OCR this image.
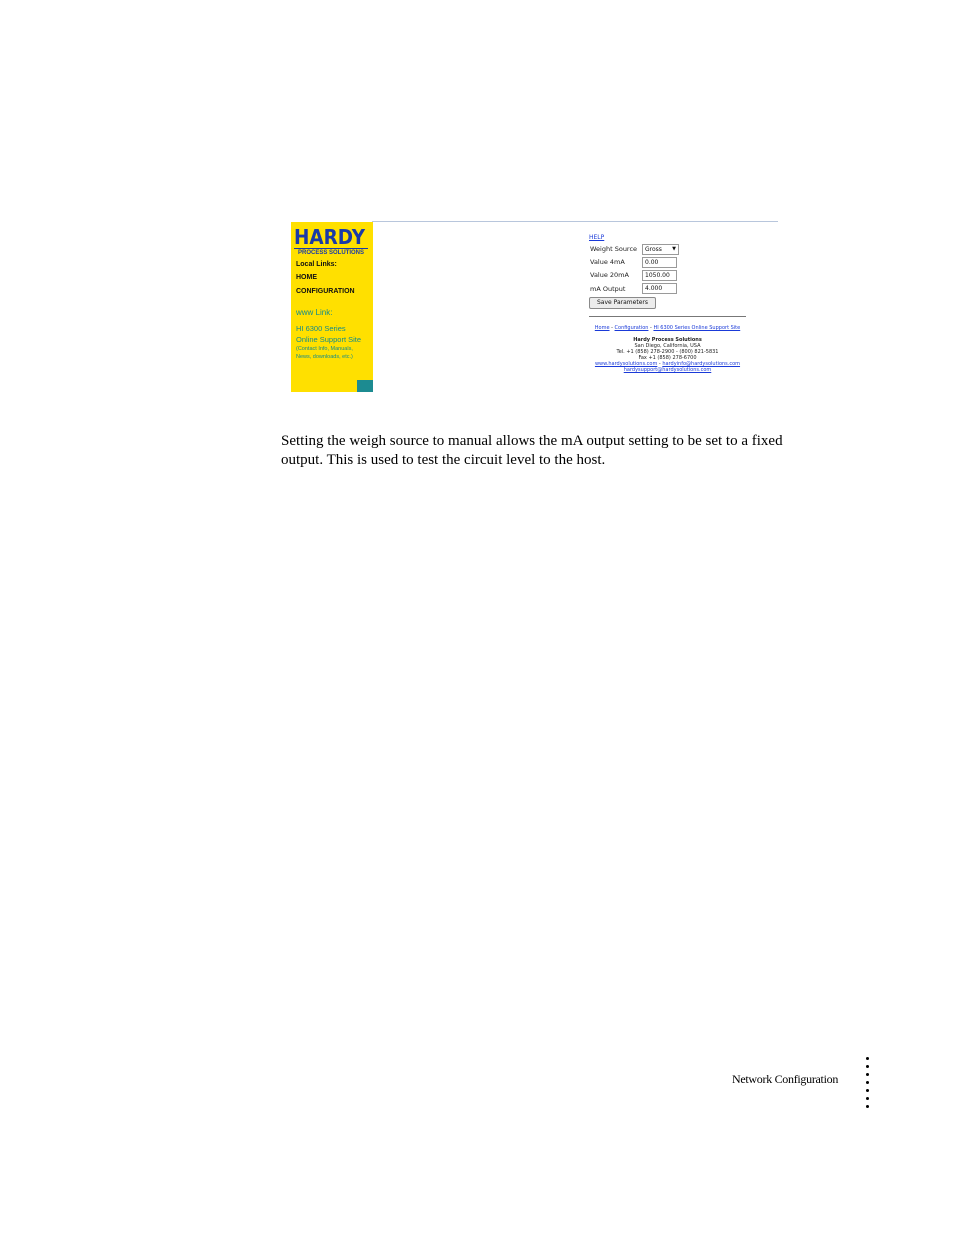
HARDY
PROCESS SOLUTIONS
Local Links:
HOME
CONFIGURATION
www Link:
HI 6300 Series
Online Support Site
(Contact Info, Manuals,
News, downloads, etc.)
HELP
Weight Source	Gross ▼
Value 4mA	0.00
Value 20mA	1050.00
mA Output	4.000
Save Parameters
Home - Configuration - HI 6300 Series Online Support Site
Hardy Process Solutions
San Diego, California, USA
Tel. +1 (858) 278-2900 - (800) 821-5831
Fax +1 (858) 278-6700
www.hardysolutions.com - hardyinfo@hardysolutions.com
hardysupport@hardysolutions.com
Setting the weigh source to manual allows the mA output setting to be set to a fixed output. This is used to test the circuit level to the host.
Network Configuration
